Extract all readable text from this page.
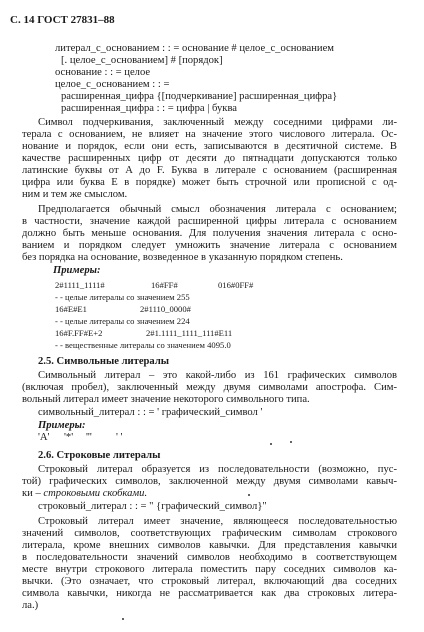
С. 14 ГОСТ 27831–88
литерал_с_основанием : : = основание # целое_с_основанием
[. целое_с_основанием] # [порядок]
основание : : = целое
целое_с_основанием : : =
расширенная_цифра {[подчеркивание] расширенная_цифра}
расширенная_цифра : : = цифра | буква
Символ подчеркивания, заключенный между соседними цифрами ли-
терала с основанием, не влияет на значение этого числового литерала. Ос-
нование и порядок, если они есть, записываются в десятичной системе. В
качестве расширенных цифр от десяти до пятнадцати допускаются только
латинские буквы от А до F. Буква в литерале с основанием (расширенная
цифра или буква Е в порядке) может быть строчной или прописной с од-
ним и тем же смыслом.
Предполагается обычный смысл обозначения литерала с основанием;
в частности, значение каждой расширенной цифры литерала с основанием
должно быть меньше основания. Для получения значения литерала с осно-
ванием и порядком следует умножить значение литерала с основанием
без порядка на основание, возведенное в указанную порядком степень.
Примеры:
2#1111_1111#	16#FF#	016#0FF#
- - целые литералы со значением 255
16#E#E1	2#1110_0000#
- - целые литералы со значением 224
16#F.FF#E+2	2#1.1111_1111_111#E11
- - вещественные литералы со значением 4095.0
2.5. Символьные литералы
Символьный литерал – это какой-либо из 161 графических символов
(включая пробел), заключенный между двумя символами апострофа. Сим-
вольный литерал имеет значение некоторого символьного типа.
символьный_литерал : : = ' графический_символ '
Примеры:
'А' '*' ''' ' '
2.6. Строковые литералы
Строковый литерал образуется из последовательности (возможно, пус-
той) графических символов, заключенной между двумя символами кавыч-
ки – строковыми скобками.
строковый_литерал : : = " {графический_символ}"
Строковый литерал имеет значение, являющееся последовательностью
значений символов, соответствующих графическим символам строкового
литерала, кроме внешних символов кавычки. Для представления кавычки
в последовательности значений символов необходимо в соответствующем
месте внутри строкового литерала поместить пару соседних символов ка-
вычки. (Это означает, что строковый литерал, включающий два соседних
символа кавычки, никогда не рассматривается как два строковых литера-
ла.)
